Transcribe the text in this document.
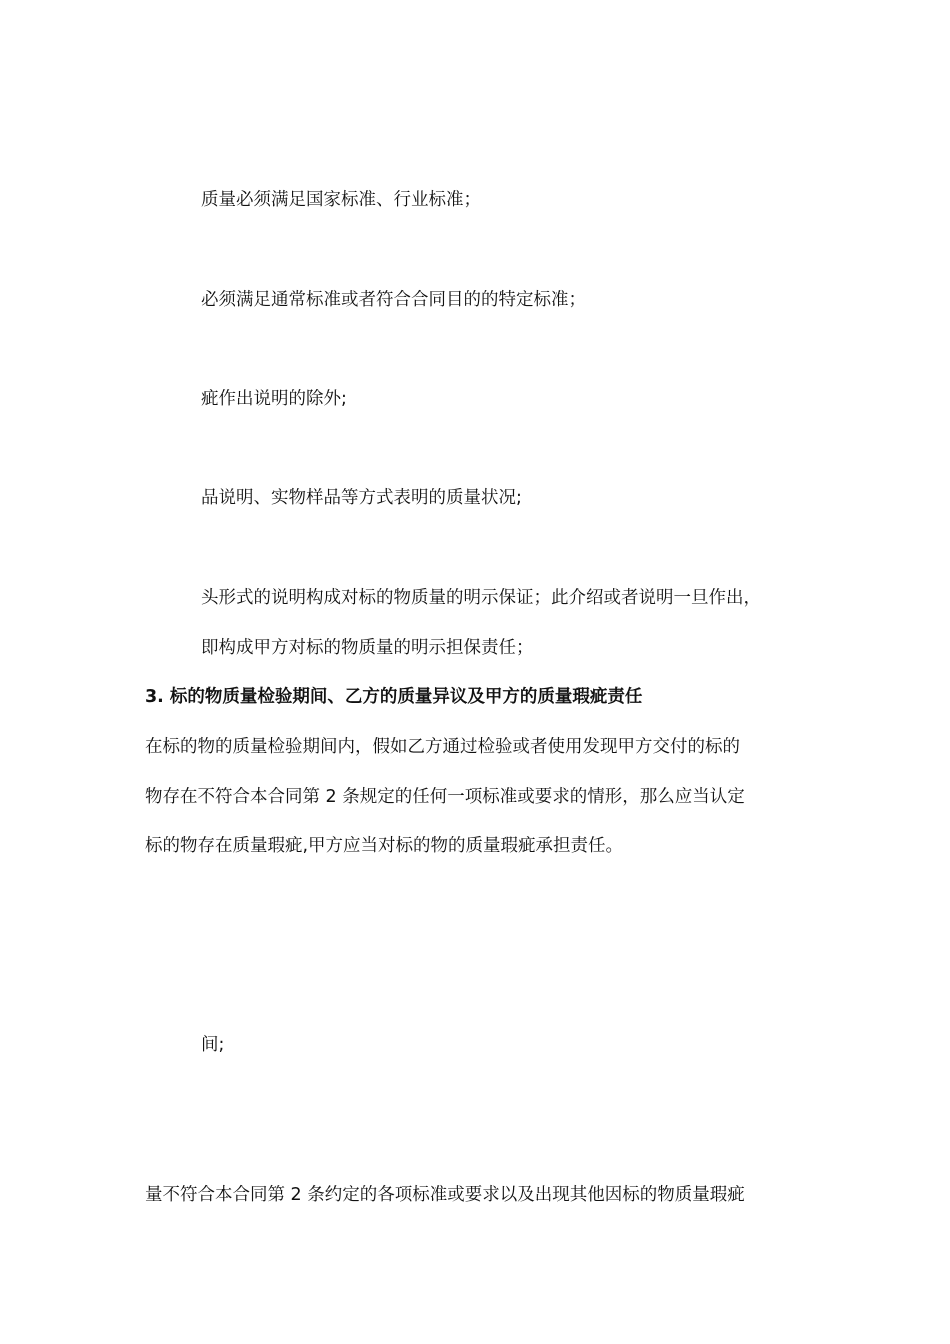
质量必须满足国家标准、行业标准；
必须满足通常标准或者符合合同目的的特定标准；
疵作出说明的除外;
品说明、实物样品等方式表明的质量状况;
头形式的说明构成对标的物质量的明示保证；此介绍或者说明一旦作出，
即构成甲方对标的物质量的明示担保责任；
3. 标的物质量检验期间、乙方的质量异议及甲方的质量瑕疵责任
在标的物的质量检验期间内，假如乙方通过检验或者使用发现甲方交付的标的
物存在不符合本合同第 2 条规定的任何一项标准或要求的情形，那么应当认定
标的物存在质量瑕疵,甲方应当对标的物的质量瑕疵承担责任。
间;
量不符合本合同第 2 条约定的各项标准或要求以及出现其他因标的物质量瑕疵
